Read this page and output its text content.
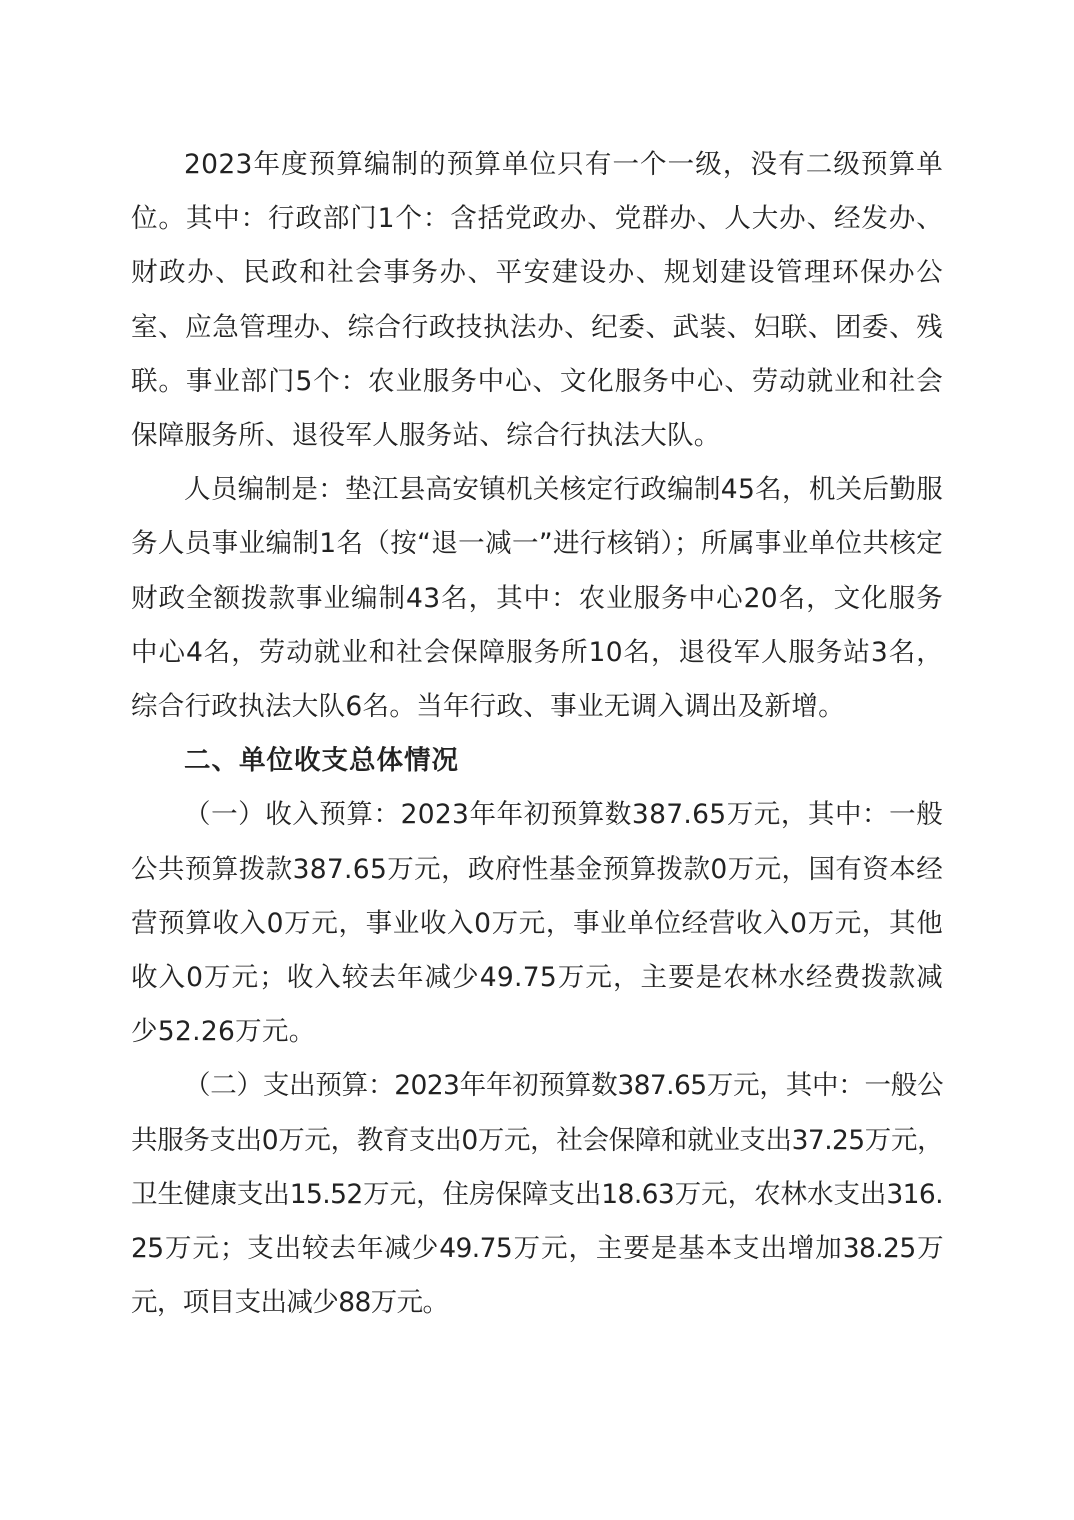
2023年度预算编制的预算单位只有一个一级，没有二级预算单位。其中：行政部门1个：含括党政办、党群办、人大办、经发办、财政办、民政和社会事务办、平安建设办、规划建设管理环保办公室、应急管理办、综合行政技执法办、纪委、武装、妇联、团委、残联。事业部门5个：农业服务中心、文化服务中心、劳动就业和社会保障服务所、退役军人服务站、综合行执法大队。

人员编制是：垫江县高安镇机关核定行政编制45名，机关后勤服务人员事业编制1名（按“退一减一”进行核销）；所属事业单位共核定财政全额拨款事业编制43名，其中：农业服务中心20名，文化服务中心4名，劳动就业和社会保障服务所10名，退役军人服务站3名，综合行政执法大队6名。当年行政、事业无调入调出及新增。

二、单位收支总体情况

（一）收入预算：2023年年初预算数387.65万元，其中：一般公共预算拨款387.65万元，政府性基金预算拨款0万元，国有资本经营预算收入0万元，事业收入0万元，事业单位经营收入0万元，其他收入0万元；收入较去年减少49.75万元，主要是农林水经费拨款减少52.26万元。

（二）支出预算：2023年年初预算数387.65万元，其中：一般公共服务支出0万元，教育支出0万元，社会保障和就业支出37.25万元，卫生健康支出15.52万元，住房保障支出18.63万元，农林水支出316.25万元；支出较去年减少49.75万元，主要是基本支出增加38.25万元，项目支出减少88万元。
